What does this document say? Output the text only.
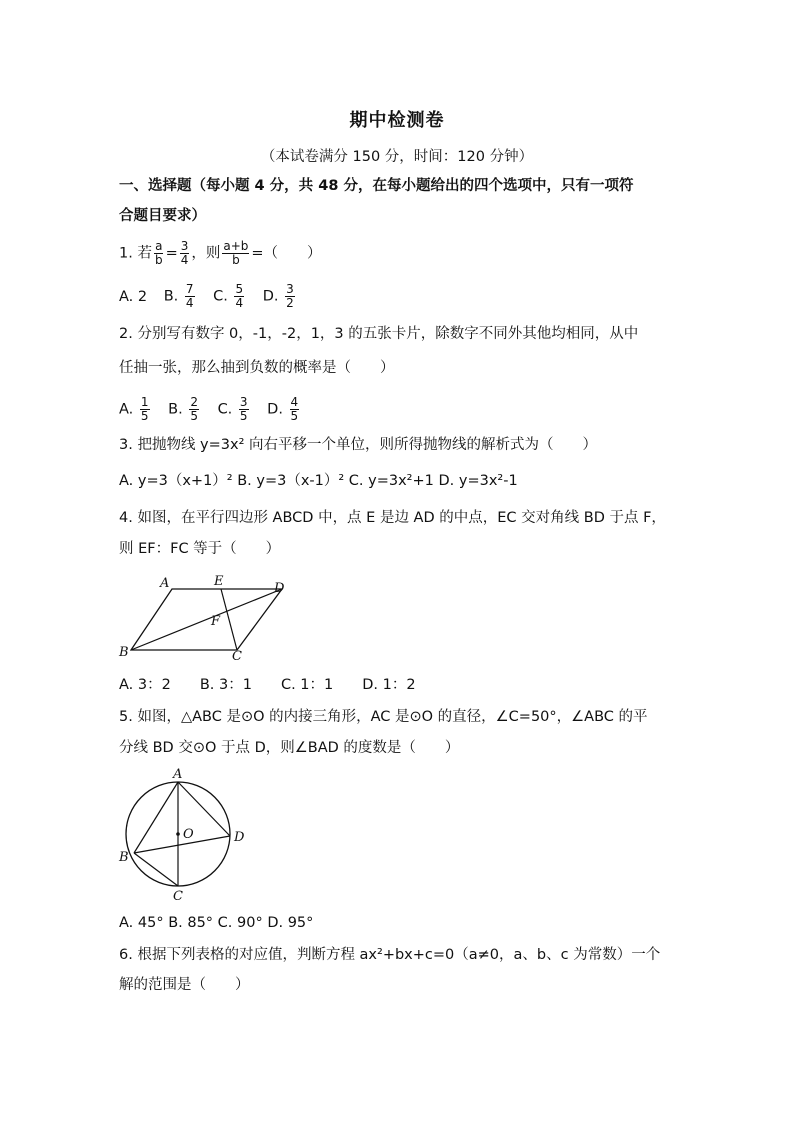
期中检测卷
（本试卷满分 150 分，时间：120 分钟）
一、选择题（每小题 4 分，共 48 分，在每小题给出的四个选项中，只有一项符
合题目要求）
1. 若 $\frac{a}{b} = \frac{3}{4}$ ，则 $\frac{a+b}{b}$ =（　　）
A. 2 B. $\frac{7}{4} C$. $\frac{5}{4} D$. $\frac{3}{2}$
2. 分别写有数字 0，-1，-2，1，3 的五张卡片，除数字不同外其他均相同，从中
任抽一张，那么抽到负数的概率是（　　）
A. $\frac{1}{5} B$. $\frac{2}{5} C$. $\frac{3}{5} D$. $\frac{4}{5}$
3. 把抛物线 y=3x² 向右平移一个单位，则所得抛物线的解析式为（　　）
A. y=3（x+1）² B. y=3（x-1）² C. y=3x²+1 D. y=3x²-1
4. 如图，在平行四边形 ABCD 中，点 E 是边 AD 的中点，EC 交对角线 BD 于点 F，
则 EF：FC 等于（　　）
A	E	D
F
B	C
A. 3：2　　B. 3：1　　C. 1：1　　D. 1：2
5. 如图，△ABC 是⊙O 的内接三角形，AC 是⊙O 的直径，∠C=50°，∠ABC 的平
分线 BD 交⊙O 于点 D，则∠BAD 的度数是（　　）
A
O	D
B
C
A. 45° B. 85° C. 90° D. 95°
6. 根据下列表格的对应值，判断方程 ax²+bx+c=0（a≠0，a、b、c 为常数）一个
解的范围是（　　）
